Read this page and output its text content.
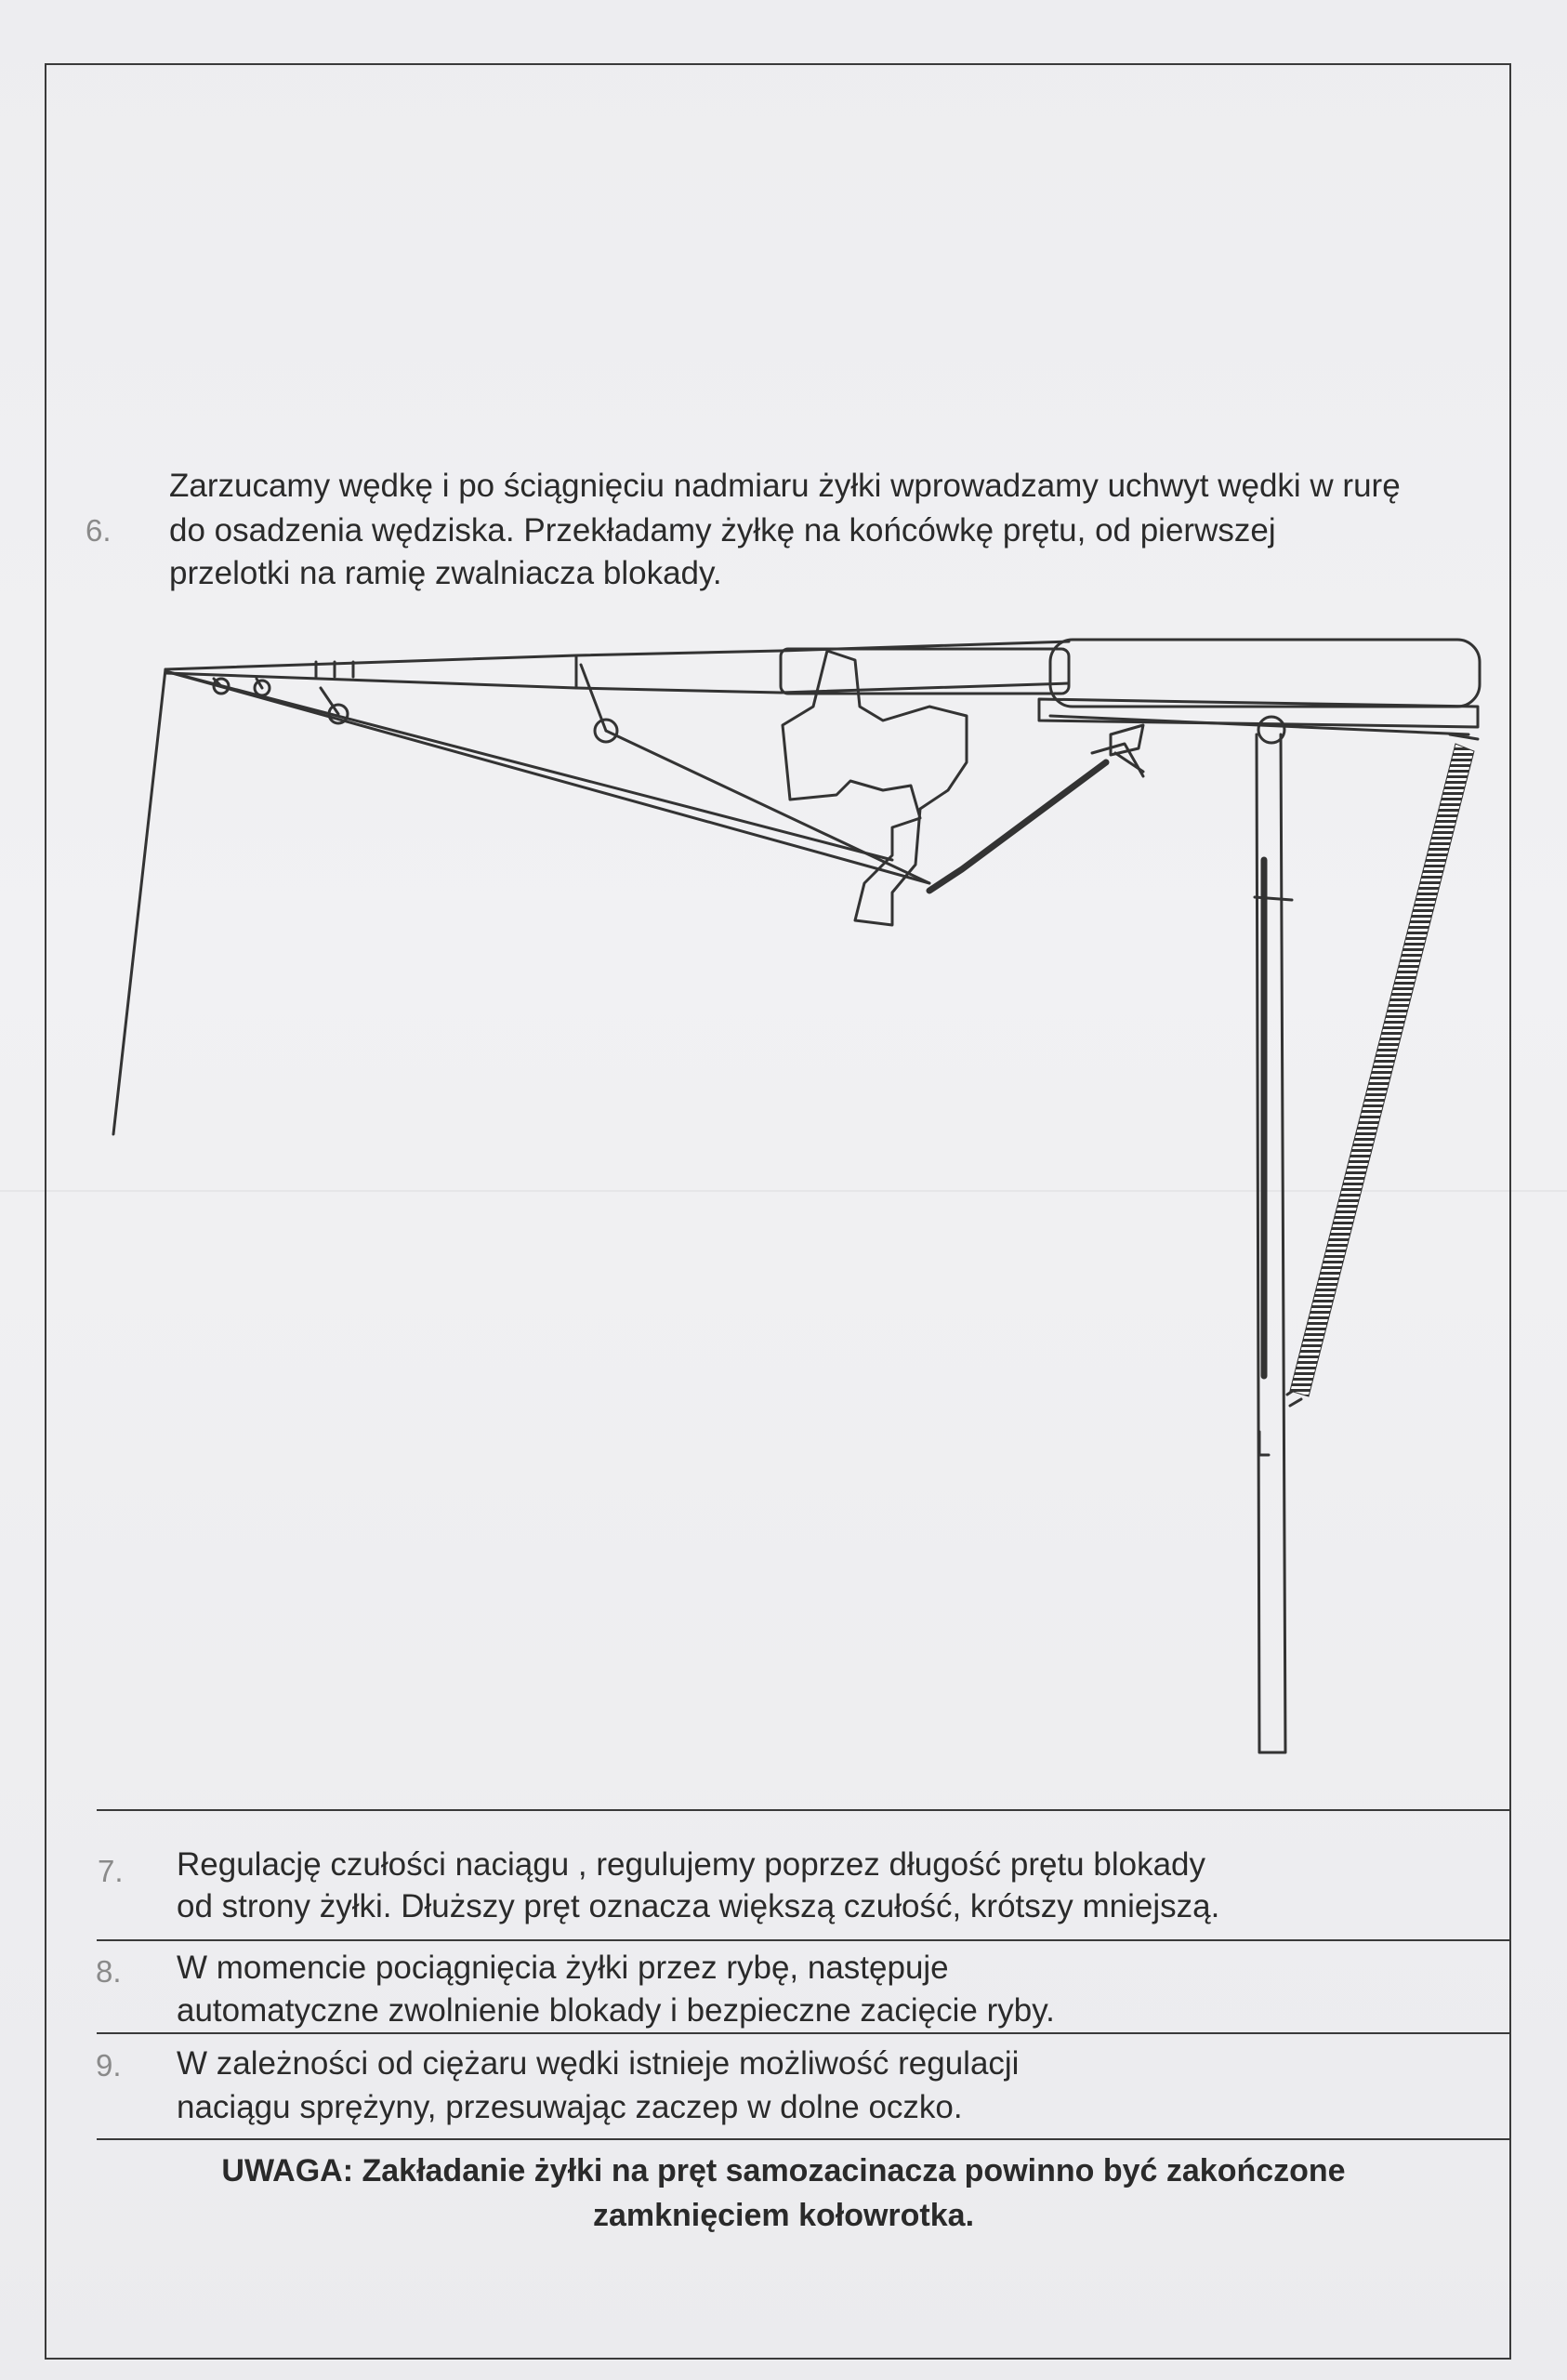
6.
Zarzucamy wędkę i po ściągnięciu nadmiaru żyłki wprowadzamy uchwyt wędki w rurę
do osadzenia wędziska. Przekładamy żyłkę na końcówkę prętu, od pierwszej
przelotki na ramię zwalniacza blokady.
7. Regulację czułości naciągu , regulujemy poprzez długość prętu blokady
od strony żyłki. Dłuższy pręt oznacza większą czułość, krótszy mniejszą.
8. W momencie pociągnięcia żyłki przez rybę, następuje
automatyczne zwolnienie blokady i bezpieczne zacięcie ryby.
9. W zależności od ciężaru wędki istnieje możliwość regulacji
naciągu sprężyny, przesuwając zaczep w dolne oczko.
UWAGA: Zakładanie żyłki na pręt samozacinacza powinno być zakończone
zamknięciem kołowrotka.
